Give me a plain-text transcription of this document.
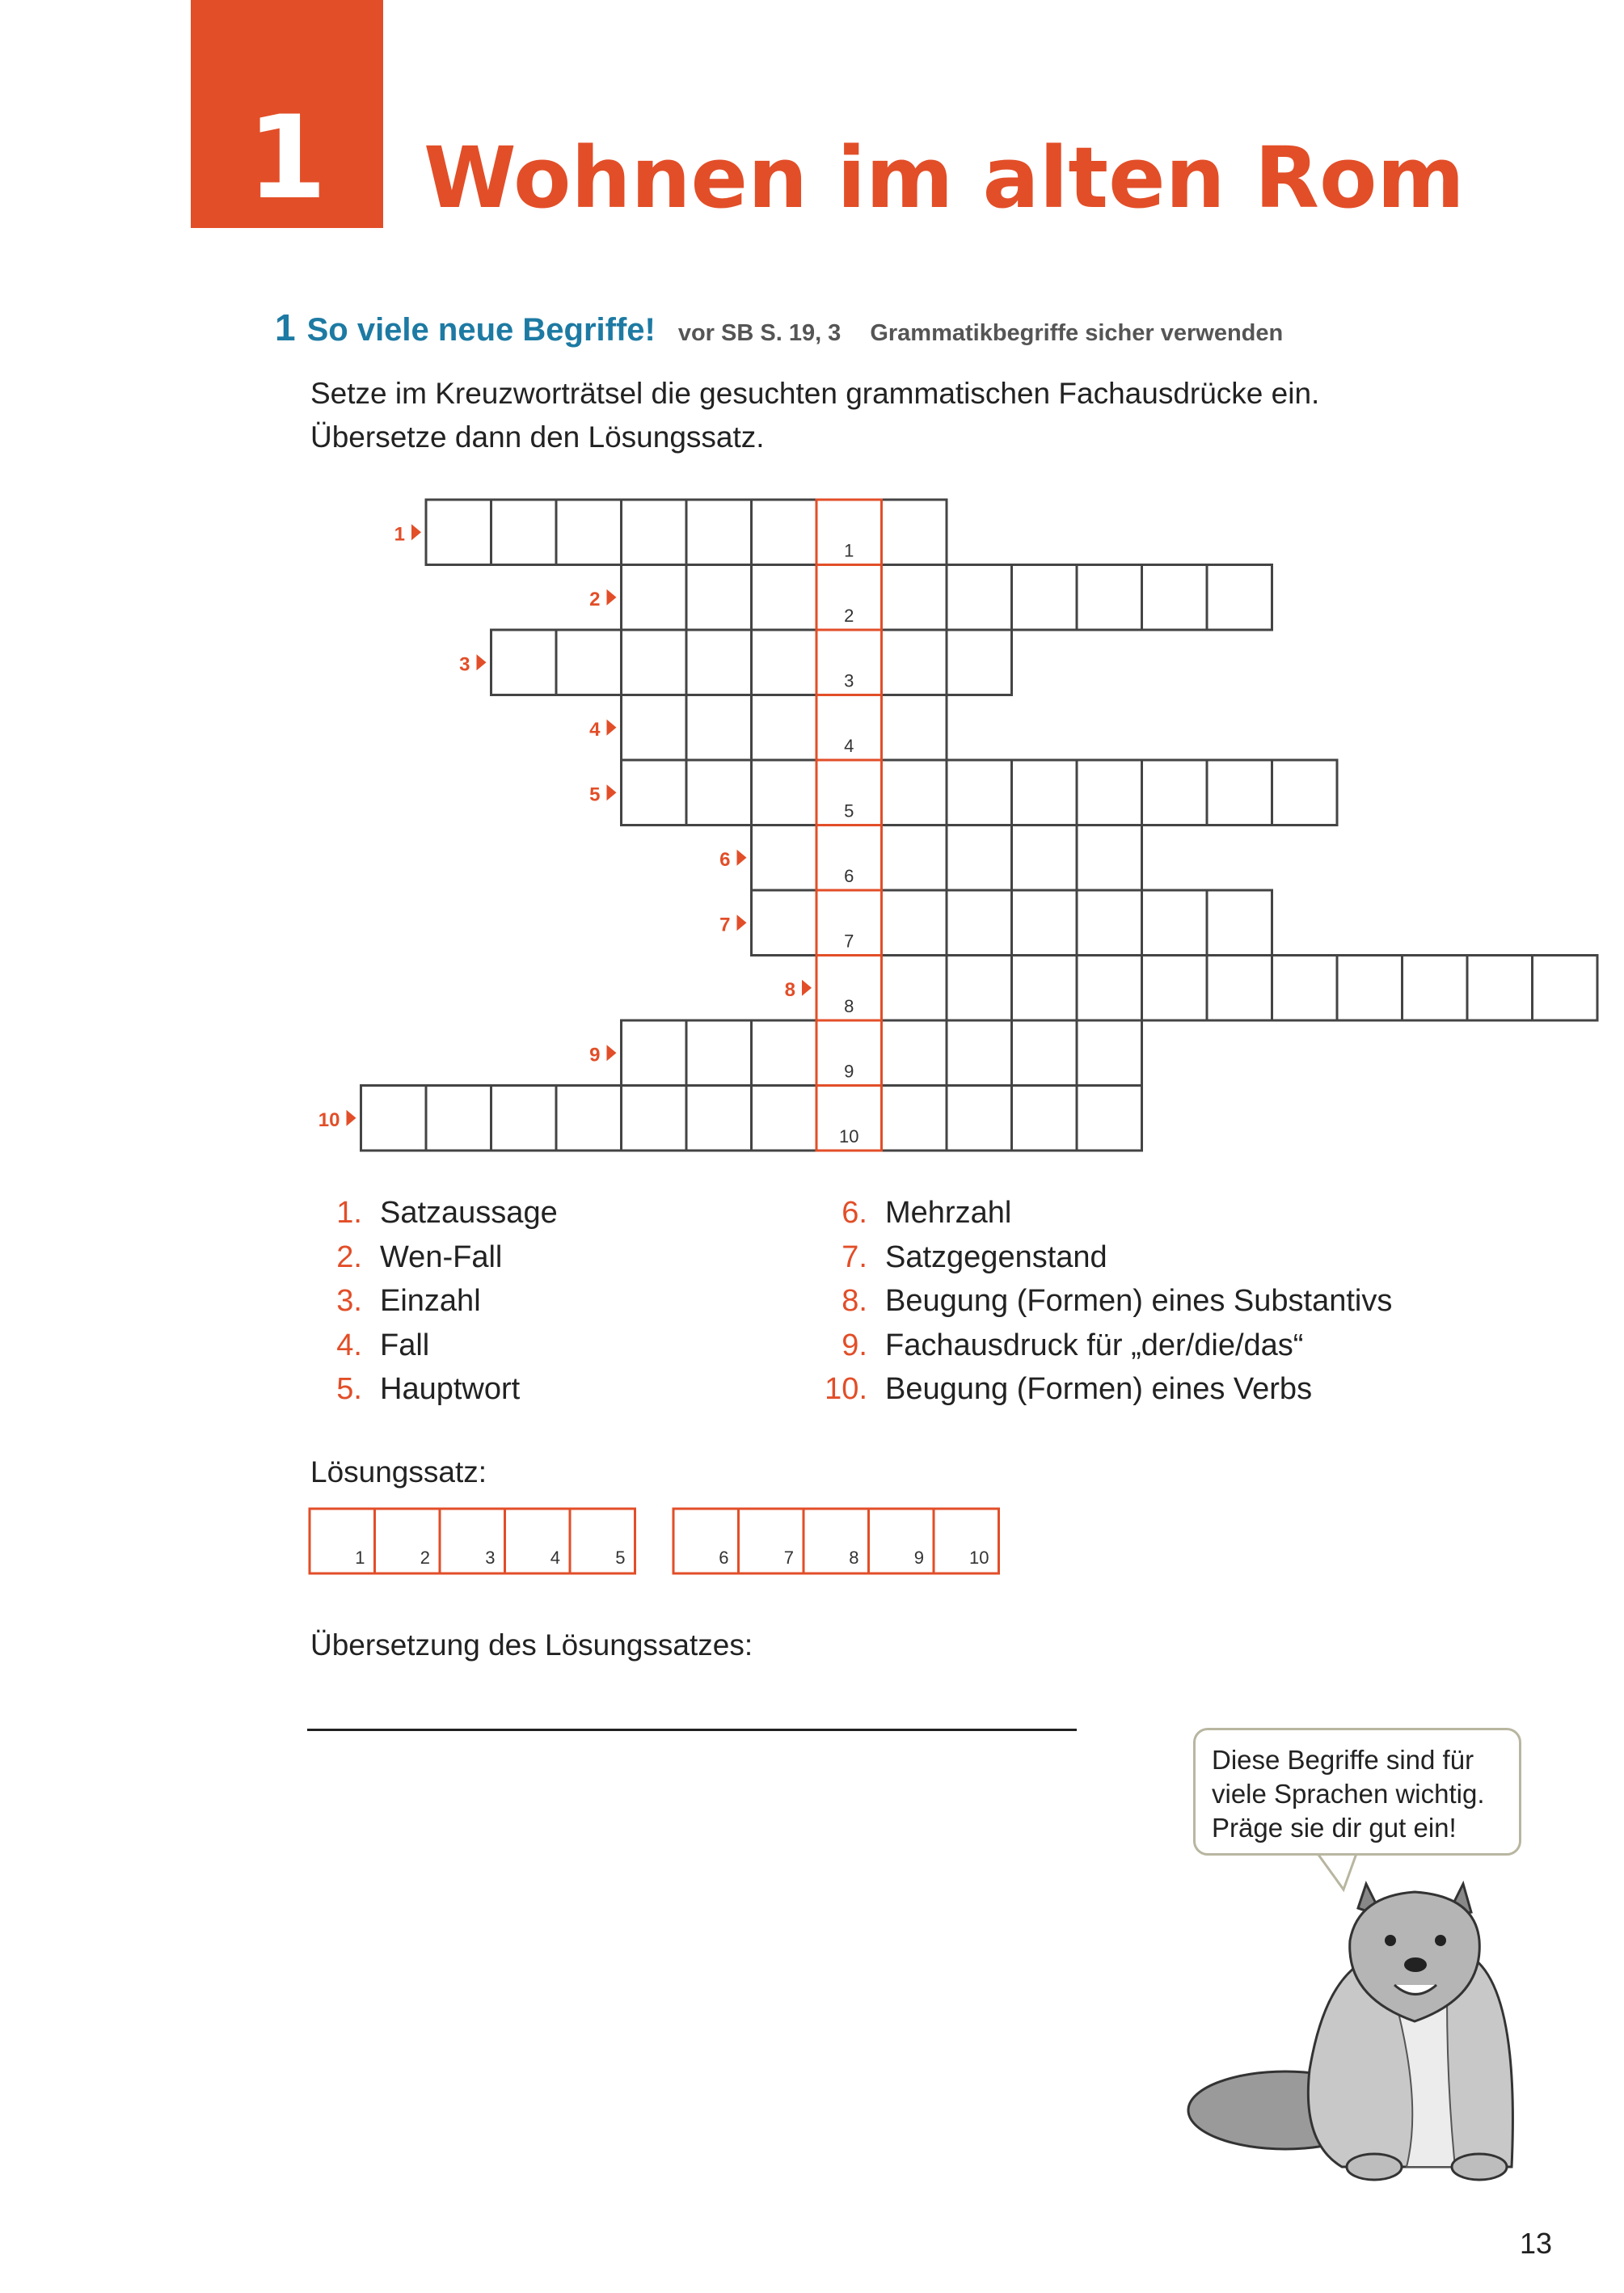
1	Wohnen im alten Rom
1 So viele neue Begriffe! vor SB S. 19, 3 Grammatikbegriffe sicher verwenden
Setze im Kreuzworträtsel die gesuchten grammatischen Fachausdrücke ein.
Übersetze dann den Lösungssatz.
1
2
3
4
5
6
7
8
9
10
1
2
3
4
5
6
7
8
9
10
1	2	3	4	5	6	7	8	9	10
1. Satzaussage
2. Wen-Fall
3. Einzahl
4. Fall
5. Hauptwort
6. Mehrzahl
7. Satzgegenstand
8. Beugung (Formen) eines Substantivs
9. Fachausdruck für „der/die/das“
10. Beugung (Formen) eines Verbs
Lösungssatz:
Übersetzung des Lösungssatzes:
Diese Begriffe sind für
viele Sprachen wichtig.
Präge sie dir gut ein!
13
